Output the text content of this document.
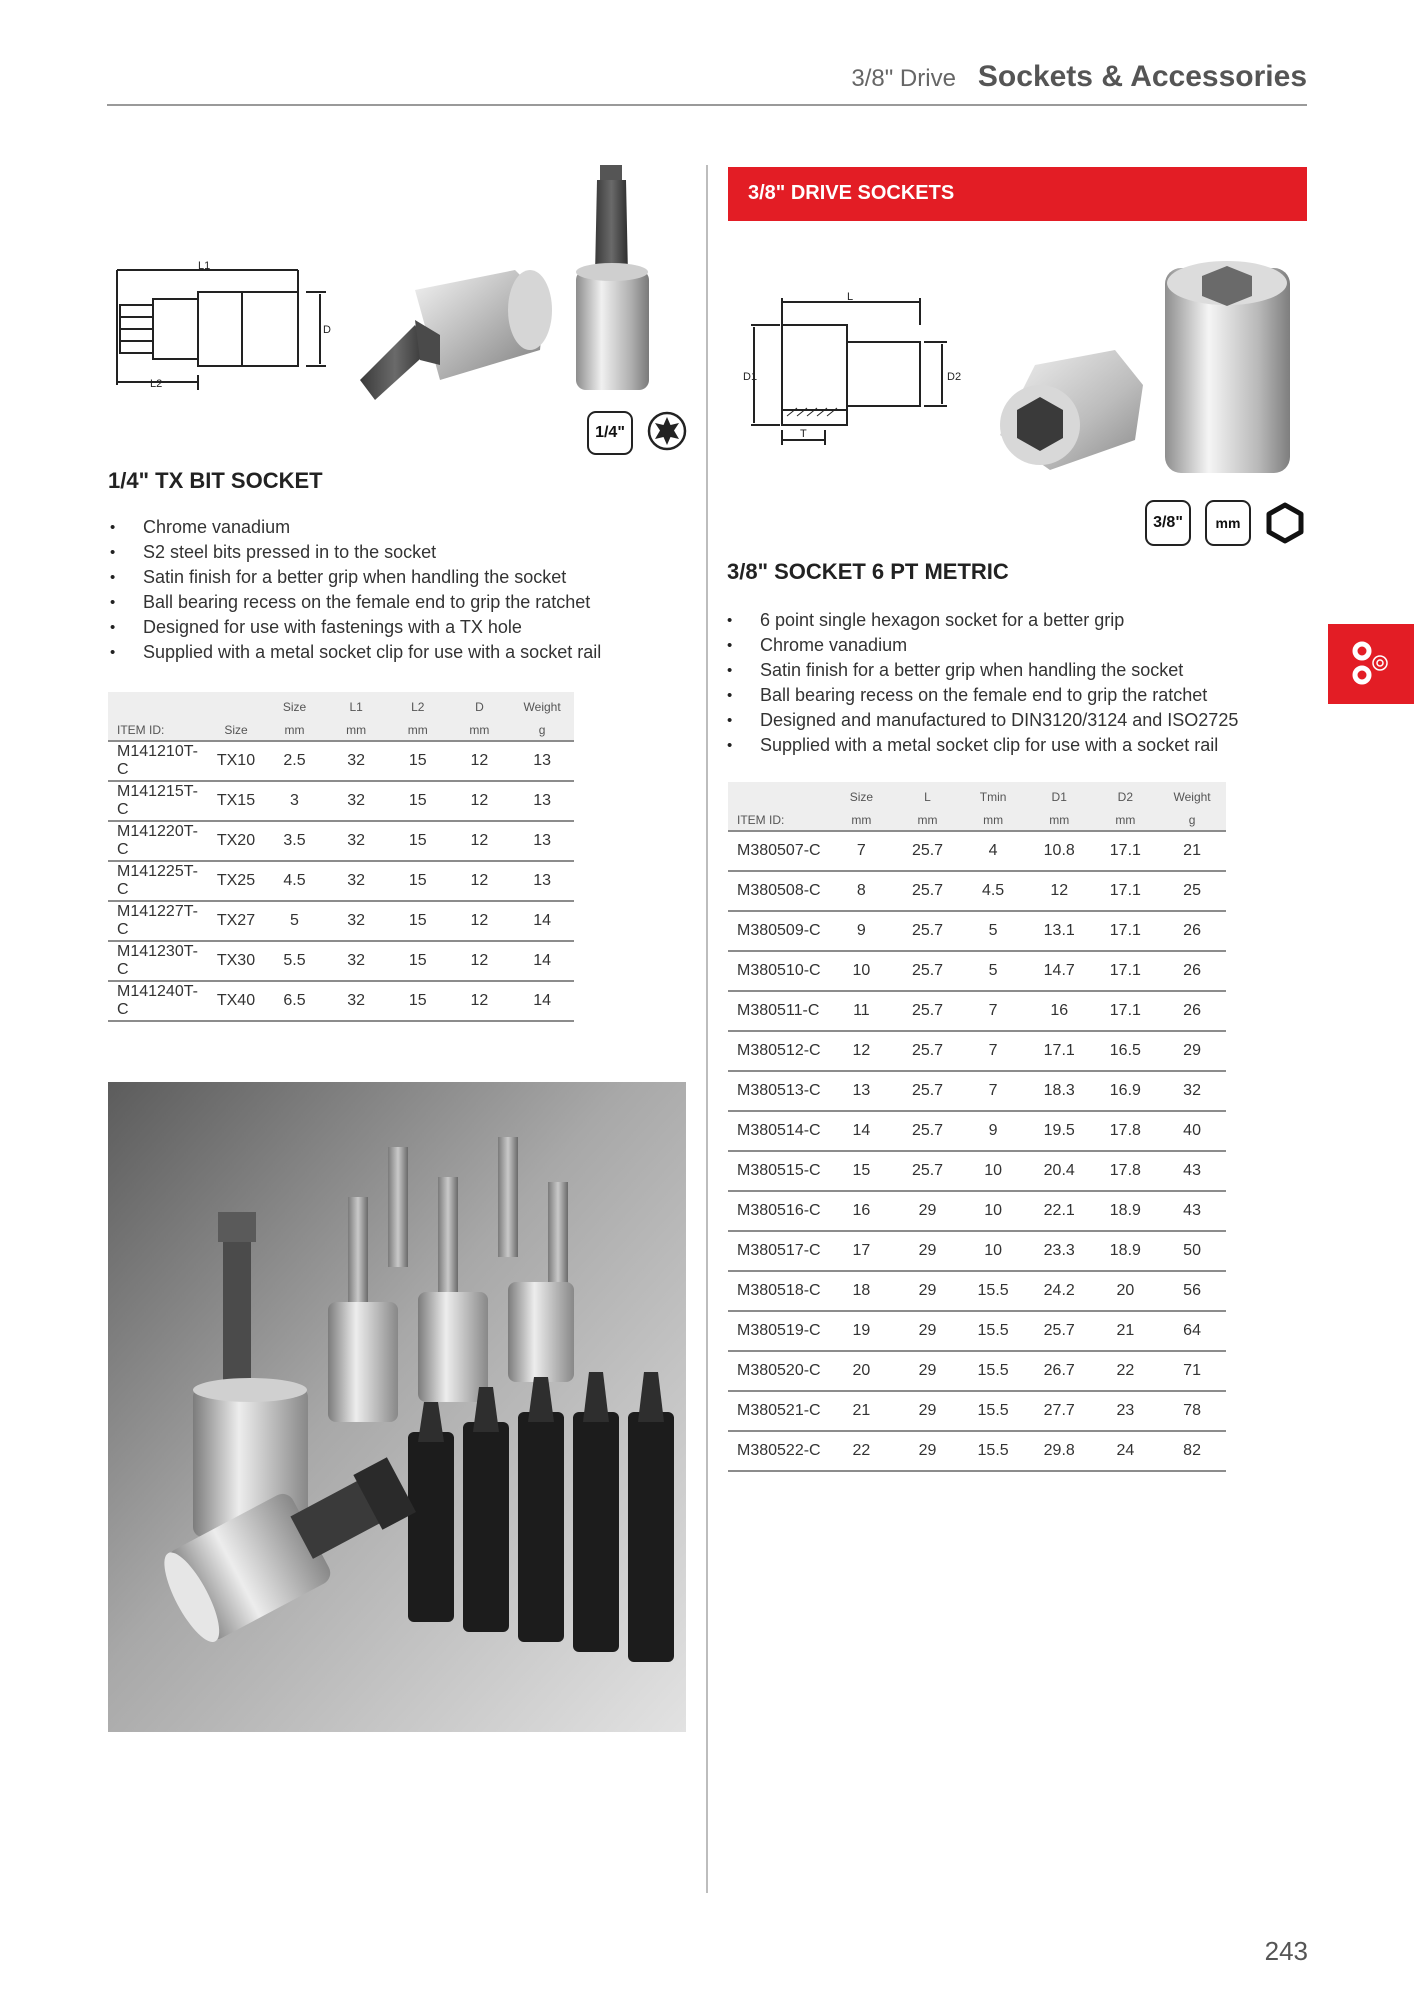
3/8" Drive Sockets & Accessories
L1
L2
D
1/4"
1/4" TX BIT SOCKET
• Chrome vanadium
• S2 steel bits pressed in to the socket
• Satin finish for a better grip when handling the socket
• Ball bearing recess on the female end to grip the ratchet
• Designed for use with fastenings with a TX hole
• Supplied with a metal socket clip for use with a socket rail
		Size	L1	L2	D	Weight
ITEM ID:	Size	mm	mm	mm	mm	g
M141210T-C	TX10	2.5	32	15	12	13
M141215T-C	TX15	3	32	15	12	13
M141220T-C	TX20	3.5	32	15	12	13
M141225T-C	TX25	4.5	32	15	12	13
M141227T-C	TX27	5	32	15	12	14
M141230T-C	TX30	5.5	32	15	12	14
M141240T-C	TX40	6.5	32	15	12	14
3/8" DRIVE SOCKETS
L
D1	D2
T
3/8" mm
3/8" SOCKET 6 PT METRIC
• 6 point single hexagon socket for a better grip
• Chrome vanadium
• Satin finish for a better grip when handling the socket
• Ball bearing recess on the female end to grip the ratchet
• Designed and manufactured to DIN3120/3124 and ISO2725
• Supplied with a metal socket clip for use with a socket rail
	Size	L	Tmin	D1	D2	Weight
ITEM ID:	mm	mm	mm	mm	mm	g
M380507-C	7	25.7	4	10.8	17.1	21
M380508-C	8	25.7	4.5	12	17.1	25
M380509-C	9	25.7	5	13.1	17.1	26
M380510-C	10	25.7	5	14.7	17.1	26
M380511-C	11	25.7	7	16	17.1	26
M380512-C	12	25.7	7	17.1	16.5	29
M380513-C	13	25.7	7	18.3	16.9	32
M380514-C	14	25.7	9	19.5	17.8	40
M380515-C	15	25.7	10	20.4	17.8	43
M380516-C	16	29	10	22.1	18.9	43
M380517-C	17	29	10	23.3	18.9	50
M380518-C	18	29	15.5	24.2	20	56
M380519-C	19	29	15.5	25.7	21	64
M380520-C	20	29	15.5	26.7	22	71
M380521-C	21	29	15.5	27.7	23	78
M380522-C	22	29	15.5	29.8	24	82
243
